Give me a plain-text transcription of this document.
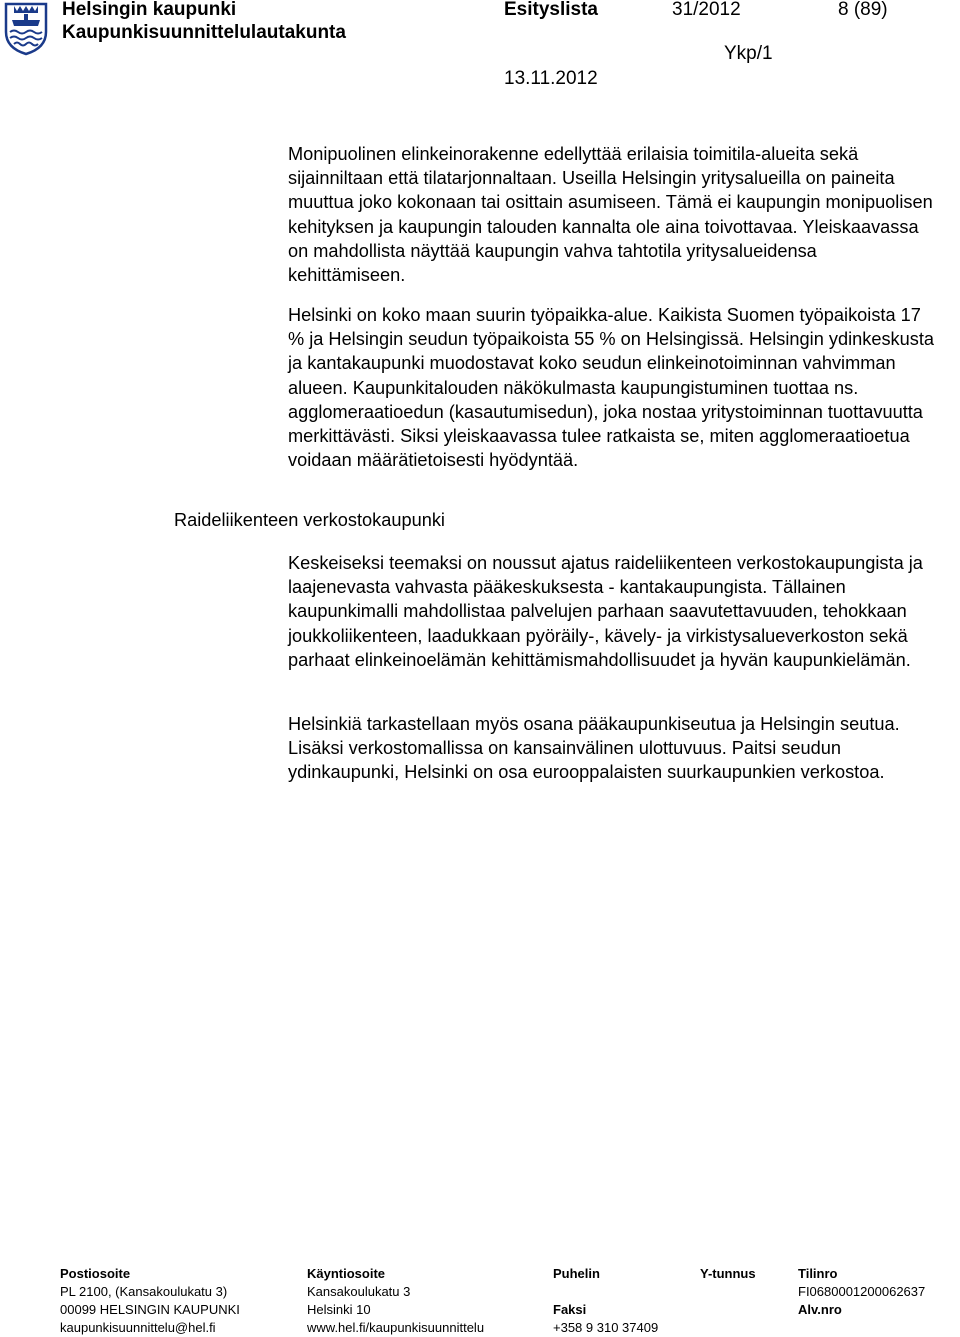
Helsingin kaupunki
Kaupunkisuunnittelulautakunta
Esityslista	31/2012	8 (89)
Ykp/1
13.11.2012

Monipuolinen elinkeinorakenne edellyttää erilaisia toimitila-alueita sekä sijainniltaan että tilatarjonnaltaan. Useilla Helsingin yritysalueilla on paineita muuttua joko kokonaan tai osittain asumiseen. Tämä ei kaupungin monipuolisen kehityksen ja kaupungin talouden kannalta ole aina toivottavaa. Yleiskaavassa on mahdollista näyttää kaupungin vahva tahtotila yritysalueidensa kehittämiseen.

Helsinki on koko maan suurin työpaikka-alue. Kaikista Suomen työpaikoista 17 % ja Helsingin seudun työpaikoista 55 % on Helsingissä. Helsingin ydinkeskusta ja kantakaupunki muodostavat koko seudun elinkeinotoiminnan vahvimman alueen. Kaupunkitalouden näkökulmasta kaupungistuminen tuottaa ns. agglomeraatioedun (kasautumisedun), joka nostaa yritystoiminnan tuottavuutta merkittävästi. Siksi yleiskaavassa tulee ratkaista se, miten agglomeraatioetua voidaan määrätietoisesti hyödyntää.

Raideliikenteen verkostokaupunki

Keskeiseksi teemaksi on noussut ajatus raideliikenteen verkostokaupungista ja laajenevasta vahvasta pääkeskuksesta - kantakaupungista. Tällainen kaupunkimalli mahdollistaa palvelujen parhaan saavutettavuuden, tehokkaan joukkoliikenteen, laadukkaan pyöräily-, kävely- ja virkistysalueverkoston sekä parhaat elinkeinoelämän kehittämismahdollisuudet ja hyvän kaupunkielämän.

Helsinkiä tarkastellaan myös osana pääkaupunkiseutua ja Helsingin seutua. Lisäksi verkostomallissa on kansainvälinen ulottuvuus. Paitsi seudun ydinkaupunki, Helsinki on osa eurooppalaisten suurkaupunkien verkostoa.

Postiosoite
PL 2100, (Kansakoulukatu 3)
00099 HELSINGIN KAUPUNKI
kaupunkisuunnittelu@hel.fi
Käyntiosoite
Kansakoulukatu 3
Helsinki 10
www.hel.fi/kaupunkisuunnittelu
Puhelin

Faksi
+358 9 310 37409
Y-tunnus	Tilinro
FI0680001200062637
Alv.nro
